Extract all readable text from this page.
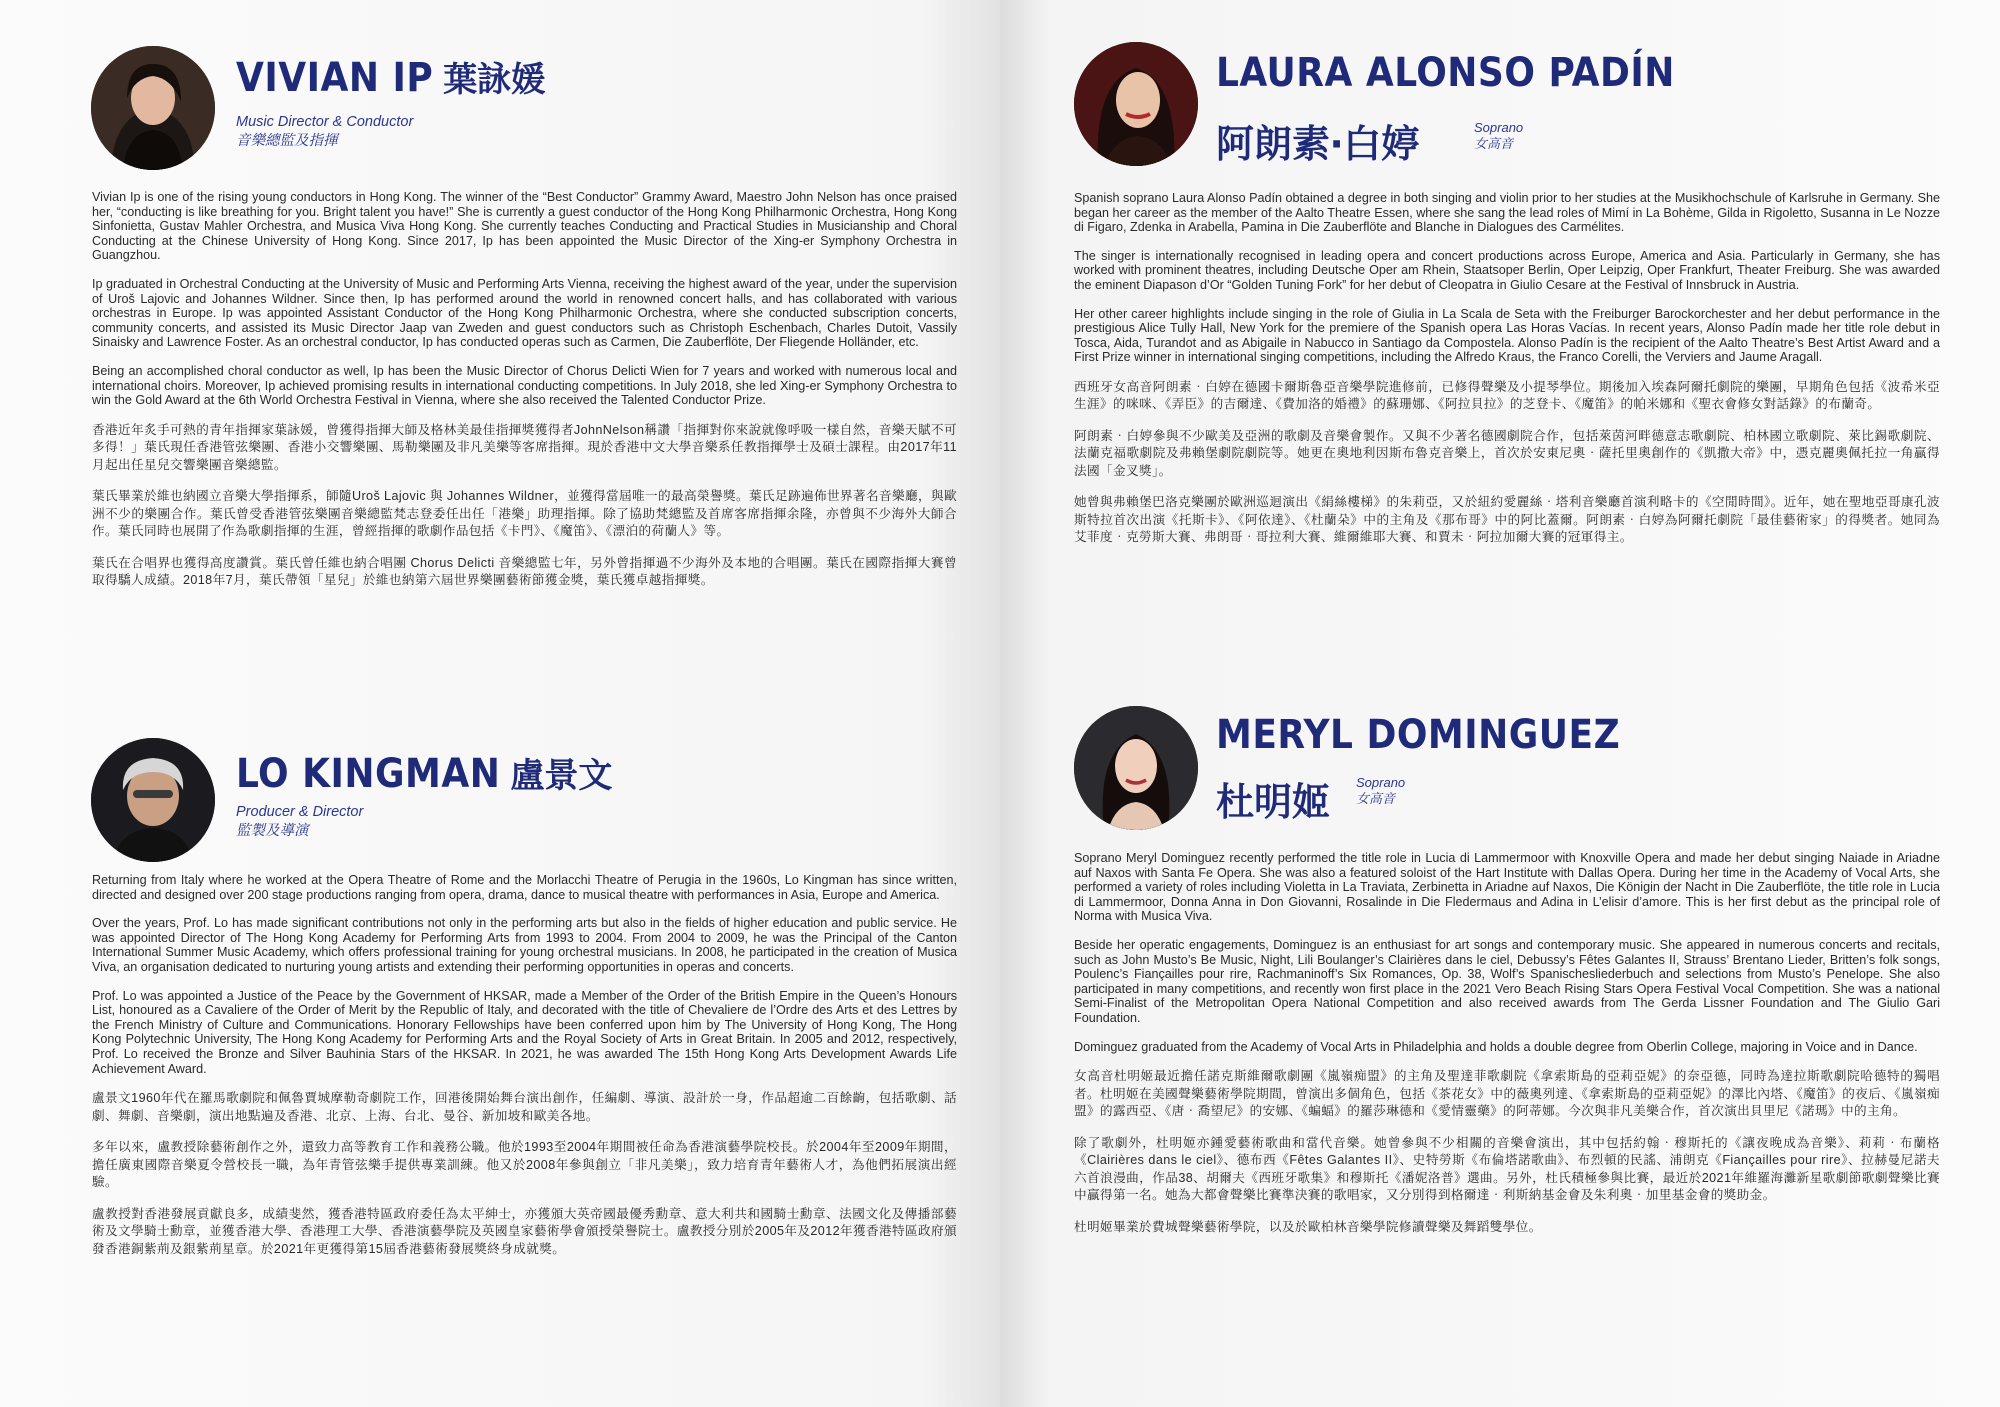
VIVIAN IP 葉詠媛
Music Director & Conductor
音樂總監及指揮

Vivian Ip is one of the rising young conductors in Hong Kong. The winner of the “Best Conductor” Grammy Award, Maestro John Nelson has once praised her, “conducting is like breathing for you. Bright talent you have!” She is currently a guest conductor of the Hong Kong Philharmonic Orchestra, Hong Kong Sinfonietta, Gustav Mahler Orchestra, and Musica Viva Hong Kong. She currently teaches Conducting and Practical Studies in Musicianship and Choral Conducting at the Chinese University of Hong Kong. Since 2017, Ip has been appointed the Music Director of the Xing-er Symphony Orchestra in Guangzhou.

Ip graduated in Orchestral Conducting at the University of Music and Performing Arts Vienna, receiving the highest award of the year, under the supervision of Uroš Lajovic and Johannes Wildner. Since then, Ip has performed around the world in renowned concert halls, and has collaborated with various orchestras in Europe. Ip was appointed Assistant Conductor of the Hong Kong Philharmonic Orchestra, where she conducted subscription concerts, community concerts, and assisted its Music Director Jaap van Zweden and guest conductors such as Christoph Eschenbach, Charles Dutoit, Vassily Sinaisky and Lawrence Foster. As an orchestral conductor, Ip has conducted operas such as Carmen, Die Zauberflöte, Der Fliegende Holländer, etc.

Being an accomplished choral conductor as well, Ip has been the Music Director of Chorus Delicti Wien for 7 years and worked with numerous local and international choirs. Moreover, Ip achieved promising results in international conducting competitions. In July 2018, she led Xing-er Symphony Orchestra to win the Gold Award at the 6th World Orchestra Festival in Vienna, where she also received the Talented Conductor Prize.

香港近年炙手可熱的青年指揮家葉詠媛，曾獲得指揮大師及格林美最佳指揮獎獲得者JohnNelson稱讚「指揮對你來說就像呼吸一樣自然，音樂天賦不可多得！」葉氏現任香港管弦樂團、香港小交響樂團、馬勒樂團及非凡美樂等客席指揮。現於香港中文大學音樂系任教指揮學士及碩士課程。由2017年11月起出任星兒交響樂團音樂總監。

葉氏畢業於維也納國立音樂大學指揮系，師隨Uroš Lajovic 與 Johannes Wildner，並獲得當屆唯一的最高榮譽獎。葉氏足跡遍佈世界著名音樂廳，與歐洲不少的樂團合作。葉氏曾受香港管弦樂團音樂總監梵志登委任出任「港樂」助理指揮。除了協助梵總監及首席客席指揮余隆，亦曾與不少海外大師合作。葉氏同時也展開了作為歌劇指揮的生涯，曾經指揮的歌劇作品包括《卡門》、《魔笛》、《漂泊的荷蘭人》等。

葉氏在合唱界也獲得高度讚賞。葉氏曾任維也納合唱團 Chorus Delicti 音樂總監七年，另外曾指揮過不少海外及本地的合唱團。葉氏在國際指揮大賽曾取得驕人成績。2018年7月，葉氏帶領「星兒」於維也納第六屆世界樂團藝術節獲金獎，葉氏獲卓越指揮獎。

LO KINGMAN 盧景文
Producer & Director
監製及導演

Returning from Italy where he worked at the Opera Theatre of Rome and the Morlacchi Theatre of Perugia in the 1960s, Lo Kingman has since written, directed and designed over 200 stage productions ranging from opera, drama, dance to musical theatre with performances in Asia, Europe and America.

Over the years, Prof. Lo has made significant contributions not only in the performing arts but also in the fields of higher education and public service. He was appointed Director of The Hong Kong Academy for Performing Arts from 1993 to 2004. From 2004 to 2009, he was the Principal of the Canton International Summer Music Academy, which offers professional training for young orchestral musicians. In 2008, he participated in the creation of Musica Viva, an organisation dedicated to nurturing young artists and extending their performing opportunities in operas and concerts.

Prof. Lo was appointed a Justice of the Peace by the Government of HKSAR, made a Member of the Order of the British Empire in the Queen’s Honours List, honoured as a Cavaliere of the Order of Merit by the Republic of Italy, and decorated with the title of Chevaliere de l’Ordre des Arts et des Lettres by the French Ministry of Culture and Communications. Honorary Fellowships have been conferred upon him by The University of Hong Kong, The Hong Kong Polytechnic University, The Hong Kong Academy for Performing Arts and the Royal Society of Arts in Great Britain. In 2005 and 2012, respectively, Prof. Lo received the Bronze and Silver Bauhinia Stars of the HKSAR. In 2021, he was awarded The 15th Hong Kong Arts Development Awards Life Achievement Award.

盧景文1960年代在羅馬歌劇院和佩魯賈城摩勒奇劇院工作，回港後開始舞台演出創作，任編劇、導演、設計於一身，作品超逾二百餘齣，包括歌劇、話劇、舞劇、音樂劇，演出地點遍及香港、北京、上海、台北、曼谷、新加坡和歐美各地。

多年以來，盧教授除藝術創作之外，還致力高等教育工作和義務公職。他於1993至2004年期間被任命為香港演藝學院校長。於2004年至2009年期間，擔任廣東國際音樂夏令營校長一職，為年青管弦樂手提供專業訓練。他又於2008年參與創立「非凡美樂」，致力培育青年藝術人才，為他們拓展演出經驗。

盧教授對香港發展貢獻良多，成績斐然，獲香港特區政府委任為太平紳士，亦獲頒大英帝國最優秀勳章、意大利共和國騎士勳章、法國文化及傳播部藝術及文學騎士勳章，並獲香港大學、香港理工大學、香港演藝學院及英國皇家藝術學會頒授榮譽院士。盧教授分別於2005年及2012年獲香港特區政府頒發香港銅紫荊及銀紫荊星章。於2021年更獲得第15屆香港藝術發展獎終身成就獎。

LAURA ALONSO PADÍN
阿朗素‧白婷	Soprano
女高音

Spanish soprano Laura Alonso Padín obtained a degree in both singing and violin prior to her studies at the Musikhochschule of Karlsruhe in Germany. She began her career as the member of the Aalto Theatre Essen, where she sang the lead roles of Mimí in La Bohème, Gilda in Rigoletto, Susanna in Le Nozze di Figaro, Zdenka in Arabella, Pamina in Die Zauberflöte and Blanche in Dialogues des Carmélites.

The singer is internationally recognised in leading opera and concert productions across Europe, America and Asia. Particularly in Germany, she has worked with prominent theatres, including Deutsche Oper am Rhein, Staatsoper Berlin, Oper Leipzig, Oper Frankfurt, Theater Freiburg. She was awarded the eminent Diapason d’Or “Golden Tuning Fork” for her debut of Cleopatra in Giulio Cesare at the Festival of Innsbruck in Austria.

Her other career highlights include singing in the role of Giulia in La Scala de Seta with the Freiburger Barockorchester and her debut performance in the prestigious Alice Tully Hall, New York for the premiere of the Spanish opera Las Horas Vacías. In recent years, Alonso Padín made her title role debut in Tosca, Aida, Turandot and as Abigaile in Nabucco in Santiago da Compostela. Alonso Padín is the recipient of the Aalto Theatre’s Best Artist Award and a First Prize winner in international singing competitions, including the Alfredo Kraus, the Franco Corelli, the Verviers and Jaume Aragall.

西班牙女高音阿朗素‧白婷在德國卡爾斯魯亞音樂學院進修前，已修得聲樂及小提琴學位。期後加入埃森阿爾托劇院的樂團，早期角色包括《波希米亞生涯》的咪咪、《弄臣》的吉爾達、《費加洛的婚禮》的蘇珊娜、《阿拉貝拉》的芝登卡、《魔笛》的帕米娜和《聖衣會修女對話錄》的布蘭奇。

阿朗素‧白婷參與不少歐美及亞洲的歌劇及音樂會製作。又與不少著名德國劇院合作，包括萊茵河畔德意志歌劇院、柏林國立歌劇院、萊比錫歌劇院、法蘭克福歌劇院及弗賴堡劇院劇院等。她更在奧地利因斯布魯克音樂上，首次於安東尼奧‧薩托里奧創作的《凱撒大帝》中，憑克麗奧佩托拉一角贏得法國「金叉獎」。

她曾與弗賴堡巴洛克樂團於歐洲巡迴演出《絹絲樓梯》的朱莉亞，又於紐約愛麗絲‧塔利音樂廳首演利略卡的《空閒時間》。近年，她在聖地亞哥康孔波斯特拉首次出演《托斯卡》、《阿依達》、《杜蘭朵》中的主角及《那布哥》中的阿比蓋爾。阿朗素‧白婷為阿爾托劇院「最佳藝術家」的得獎者。她同為艾菲度‧克勞斯大賽、弗朗哥‧哥拉利大賽、維爾維耶大賽、和賈未‧阿拉加爾大賽的冠軍得主。

MERYL DOMINGUEZ
杜明姬 Soprano
女高音

Soprano Meryl Dominguez recently performed the title role in Lucia di Lammermoor with Knoxville Opera and made her debut singing Naiade in Ariadne auf Naxos with Santa Fe Opera. She was also a featured soloist of the Hart Institute with Dallas Opera. During her time in the Academy of Vocal Arts, she performed a variety of roles including Violetta in La Traviata, Zerbinetta in Ariadne auf Naxos, Die Königin der Nacht in Die Zauberflöte, the title role in Lucia di Lammermoor, Donna Anna in Don Giovanni, Rosalinde in Die Fledermaus and Adina in L’elisir d’amore. This is her first debut as the principal role of Norma with Musica Viva.

Beside her operatic engagements, Dominguez is an enthusiast for art songs and contemporary music. She appeared in numerous concerts and recitals, such as John Musto’s Be Music, Night, Lili Boulanger’s Clairières dans le ciel, Debussy’s Fêtes Galantes II, Strauss’ Brentano Lieder, Britten’s folk songs, Poulenc’s Fiançailles pour rire, Rachmaninoff’s Six Romances, Op. 38, Wolf’s Spanischesliederbuch and selections from Musto’s Penelope. She also participated in many competitions, and recently won first place in the 2021 Vero Beach Rising Stars Opera Festival Vocal Competition. She was a national Semi-Finalist of the Metropolitan Opera National Competition and also received awards from The Gerda Lissner Foundation and The Giulio Gari Foundation.

Dominguez graduated from the Academy of Vocal Arts in Philadelphia and holds a double degree from Oberlin College, majoring in Voice and in Dance.

女高音杜明姬最近擔任諾克斯維爾歌劇團《嵐嶺痴盟》的主角及聖達菲歌劇院《拿索斯島的亞莉亞妮》的奈亞德，同時為達拉斯歌劇院哈德特的獨唱者。杜明姬在美國聲樂藝術學院期間，曾演出多個角色，包括《茶花女》中的薇奧列達、《拿索斯島的亞莉亞妮》的澤比內塔、《魔笛》的夜后、《嵐嶺痴盟》的露西亞、《唐‧喬望尼》的安娜、《蝙蝠》的羅莎琳德和《愛情靈藥》的阿蒂娜。今次與非凡美樂合作，首次演出貝里尼《諾瑪》中的主角。

除了歌劇外，杜明姬亦鍾愛藝術歌曲和當代音樂。她曾參與不少相關的音樂會演出，其中包括約翰‧穆斯托的《讓夜晚成為音樂》、莉莉‧布蘭格《Clairières dans le ciel》、德布西《Fêtes Galantes II》、史特勞斯《布倫塔諾歌曲》、布烈頓的民謠、浦朗克《Fiançailles pour rire》、拉赫曼尼諾夫六首浪漫曲，作品38、胡爾夫《西班牙歌集》和穆斯托《潘妮洛普》選曲。另外，杜氏積極參與比賽，最近於2021年維羅海灘新星歌劇節歌劇聲樂比賽中贏得第一名。她為大都會聲樂比賽準決賽的歌唱家，又分別得到格爾達‧利斯納基金會及朱利奧‧加里基金會的獎助金。

杜明姬畢業於費城聲樂藝術學院，以及於歐柏林音樂學院修讀聲樂及舞蹈雙學位。
